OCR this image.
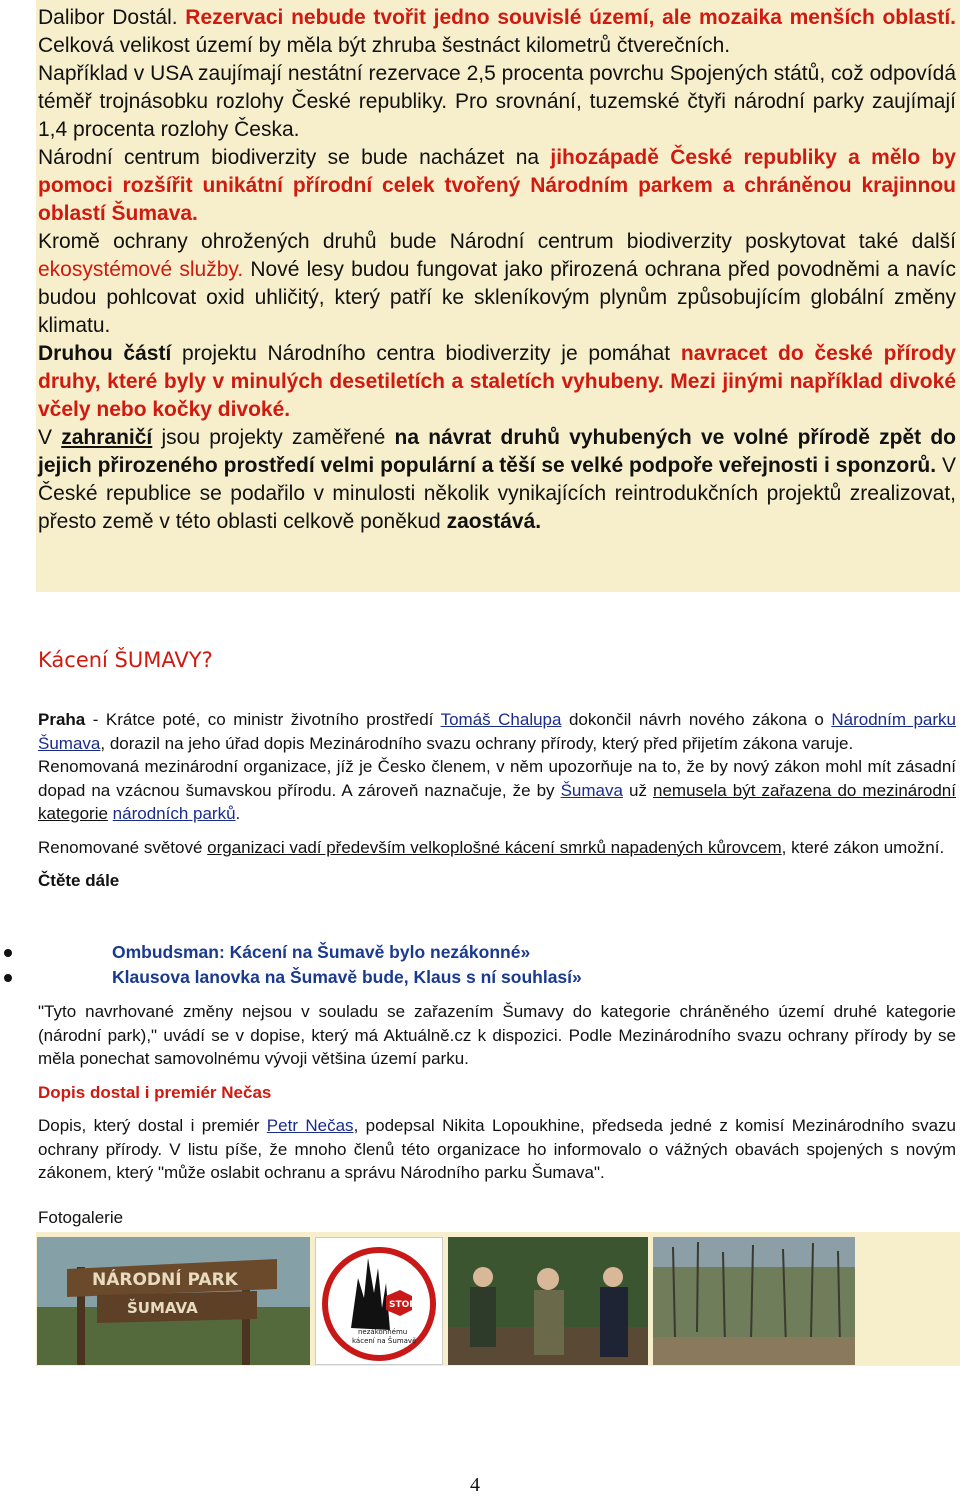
Dalibor Dostál. Rezervaci nebude tvořit jedno souvislé území, ale mozaika menších oblastí. Celková velikost území by měla být zhruba šestnáct kilometrů čtverečních.

Například v USA zaujímají nestátní rezervace 2,5 procenta povrchu Spojených států, což odpovídá téměř trojnásobku rozlohy České republiky. Pro srovnání, tuzemské čtyři národní parky zaujímají 1,4 procenta rozlohy Česka.

Národní centrum biodiverzity se bude nacházet na jihozápadě České republiky a mělo by pomoci rozšířit unikátní přírodní celek tvořený Národním parkem a chráněnou krajinnou oblastí Šumava.

Kromě ochrany ohrožených druhů bude Národní centrum biodiverzity poskytovat také další ekosystémové služby. Nové lesy budou fungovat jako přirozená ochrana před povodněmi a navíc budou pohlcovat oxid uhličitý, který patří ke skleníkovým plynům způsobujícím globální změny klimatu.

Druhou částí projektu Národního centra biodiverzity je pomáhat navracet do české přírody druhy, které byly v minulých desetiletích a staletích vyhubeny. Mezi jinými například divoké včely nebo kočky divoké.

V zahraničí jsou projekty zaměřené na návrat druhů vyhubených ve volné přírodě zpět do jejich přirozeného prostředí velmi populární a těší se velké podpoře veřejnosti i sponzorů. V České republice se podařilo v minulosti několik vynikajících reintrodukčních projektů zrealizovat, přesto země v této oblasti celkově poněkud zaostává.

Kácení ŠUMAVY?

Praha - Krátce poté, co ministr životního prostředí Tomáš Chalupa dokončil návrh nového zákona o Národním parku Šumava, dorazil na jeho úřad dopis Mezinárodního svazu ochrany přírody, který před přijetím zákona varuje.

Renomovaná mezinárodní organizace, jíž je Česko členem, v něm upozorňuje na to, že by nový zákon mohl mít zásadní dopad na vzácnou šumavskou přírodu. A zároveň naznačuje, že by Šumava už nemusela být zařazena do mezinárodní kategorie národních parků.

Renomované světové organizaci vadí především velkoplošné kácení smrků napadených kůrovcem, které zákon umožní.

Čtěte dále

Ombudsman: Kácení na Šumavě bylo nezákonné»
Klausova lanovka na Šumavě bude, Klaus s ní souhlasí»

"Tyto navrhované změny nejsou v souladu se zařazením Šumavy do kategorie chráněného území druhé kategorie (národní park)," uvádí se v dopise, který má Aktuálně.cz k dispozici. Podle Mezinárodního svazu ochrany přírody by se měla ponechat samovolnému vývoji většina území parku.

Dopis dostal i premiér Nečas

Dopis, který dostal i premiér Petr Nečas, podepsal Nikita Lopoukhine, předseda jedné z komisí Mezinárodního svazu ochrany přírody. V listu píše, že mnoho členů této organizace ho informovalo o vážných obavách spojených s novým zákonem, který "může oslabit ochranu a správu Národního parku Šumava".

Fotogalerie
NÁRODNÍ PARK
ŠUMAVA	STOP
nezákonnému
kácení na Šumavě
4
